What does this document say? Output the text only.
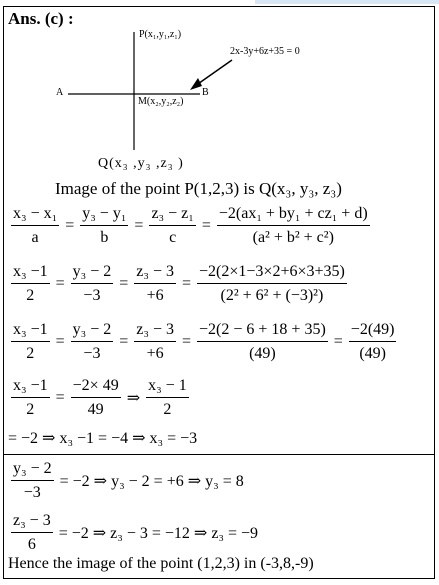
Ans. (c) :
P(x₁,y₁,z₁)
2x-3y+6z+35 = 0
A	B
M(x₂,y₂,z₂)
Q(x₃ ,y₃ ,z₃ )
Image of the point P(1,2,3) is Q(x₃, y₃, z₃)
$\frac{\text{x₃ − x₁}}{a} = \frac{\text{y₃ − y₁}}{b} = \frac{\text{z₃ − z₁}}{c} = \frac{\text{−2(ax₁ + by₁ + cz₁ + d)}}{\text{(a² + b² + c²)}}$
$\frac{\text{x₃ −1}}{2} = \frac{\text{y₃ − 2}}{-3} = \frac{\text{z₃ − 3}}{+6} = \frac{-2(2\times 1-3\times 2+6\times 3+35)}{\text{(2² + 6² + (−3)²)}}$
$\frac{\text{x₃ −1}}{2} = \frac{\text{y₃ − 2}}{-3} = \frac{\text{z₃ − 3}}{+6} = \frac{-2(2 - 6 + 18 + 35)}{(49)} = \frac{-2(49)}{(49)}$
$\frac{\text{x₃ −1}}{2} = \frac{-2\times 49}{49}$ ⇒ $\frac{\text{x₃ − 1}}{2}$
= −2 ⇒ x₃ −1 = −4 ⇒ x₃ = −3
$\frac{\text{y₃ − 2}}{-3} = -2$ ⇒ y₃ − 2 = +6 ⇒ y₃ = 8
$\frac{\text{z₃ − 3}}{6} = -2$ ⇒ z₃ − 3 = −12 ⇒ z₃ = −9
Hence the image of the point (1,2,3) in (-3,8,-9)
